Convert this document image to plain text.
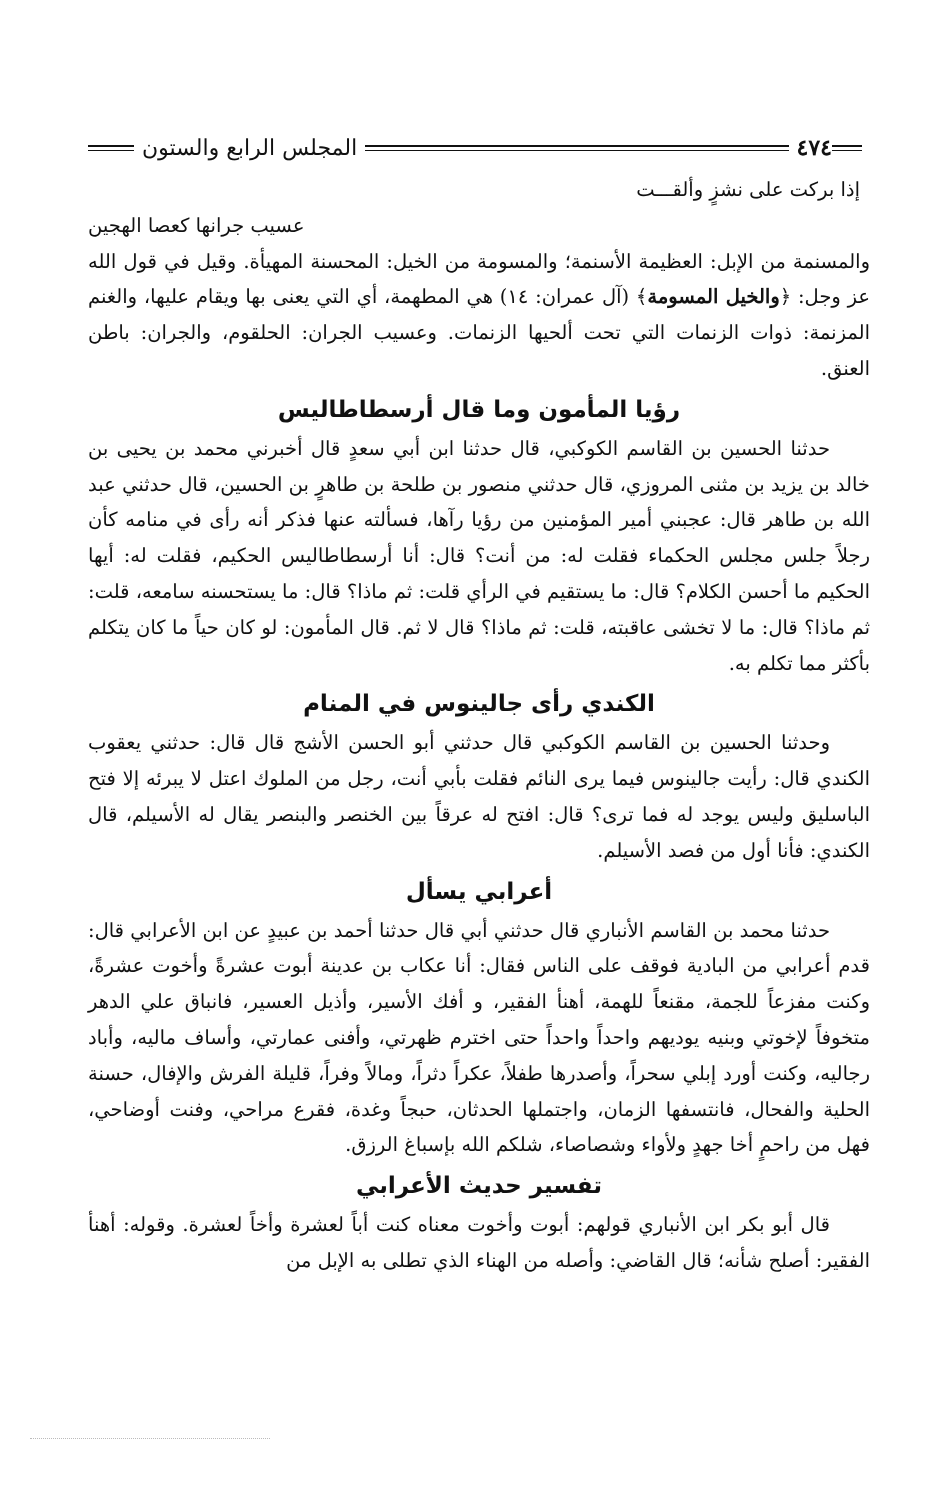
٤٧٤
المجلس الرابع والستون
إذا بركت على نشزٍ وألقـــت
عسيب جرانها كعصا الهجين

والمسنمة من الإبل: العظيمة الأسنمة؛ والمسومة من الخيل: المحسنة المهيأة. وقيل في قول الله عز وجل: ﴿والخيل المسومة﴾ (آل عمران: ١٤) هي المطهمة، أي التي يعنى بها ويقام عليها، والغنم المزنمة: ذوات الزنمات التي تحت ألحيها الزنمات. وعسيب الجران: الحلقوم، والجران: باطن العنق.

رؤيا المأمون وما قال أرسطاطاليس

حدثنا الحسين بن القاسم الكوكبي، قال حدثنا ابن أبي سعدٍ قال أخبرني محمد بن يحيى بن خالد بن يزيد بن مثنى المروزي، قال حدثني منصور بن طلحة بن طاهرٍ بن الحسين، قال حدثني عبد الله بن طاهر قال: عجبني أمير المؤمنين من رؤيا رآها، فسألته عنها فذكر أنه رأى في منامه كأن رجلاً جلس مجلس الحكماء فقلت له: من أنت؟ قال: أنا أرسطاطاليس الحكيم، فقلت له: أيها الحكيم ما أحسن الكلام؟ قال: ما يستقيم في الرأي قلت: ثم ماذا؟ قال: ما يستحسنه سامعه، قلت: ثم ماذا؟ قال: ما لا تخشى عاقبته، قلت: ثم ماذا؟ قال لا ثم. قال المأمون: لو كان حياً ما كان يتكلم بأكثر مما تكلم به.

الكندي رأى جالينوس في المنام

وحدثنا الحسين بن القاسم الكوكبي قال حدثني أبو الحسن الأشج قال قال: حدثني يعقوب الكندي قال: رأيت جالينوس فيما يرى النائم فقلت بأبي أنت، رجل من الملوك اعتل لا يبرئه إلا فتح الباسليق وليس يوجد له فما ترى؟ قال: افتح له عرقاً بين الخنصر والبنصر يقال له الأسيلم، قال الكندي: فأنا أول من فصد الأسيلم.

أعرابي يسأل

حدثنا محمد بن القاسم الأنباري قال حدثني أبي قال حدثنا أحمد بن عبيدٍ عن ابن الأعرابي قال: قدم أعرابي من البادية فوقف على الناس فقال: أنا عكاب بن عدينة أبوت عشرةً وأخوت عشرةً، وكنت مفزعاً للجمة، مقنعاً للهمة، أهنأ الفقير، و أفك الأسير، وأذيل العسير، فانباق علي الدهر متخوفاً لإخوتي وبنيه يوديهم واحداً واحداً حتى اخترم ظهرتي، وأفنى عمارتي، وأساف ماليه، وأباد رجاليه، وكنت أورد إبلي سحراً، وأصدرها طفلاً، عكراً دثراً، ومالاً وفراً، قليلة الفرش والإفال، حسنة الحلية والفحال، فانتسفها الزمان، واجتملها الحدثان، حبجاً وغدة، فقرع مراحي، وفنت أوضاحي، فهل من راحمٍ أخا جهدٍ ولأواء وشصاصاء، شلكم الله بإسباغ الرزق.

تفسير حديث الأعرابي

قال أبو بكر ابن الأنباري قولهم: أبوت وأخوت معناه كنت أباً لعشرة وأخاً لعشرة. وقوله: أهنأ الفقير: أصلح شأنه؛ قال القاضي: وأصله من الهناء الذي تطلى به الإبل من
